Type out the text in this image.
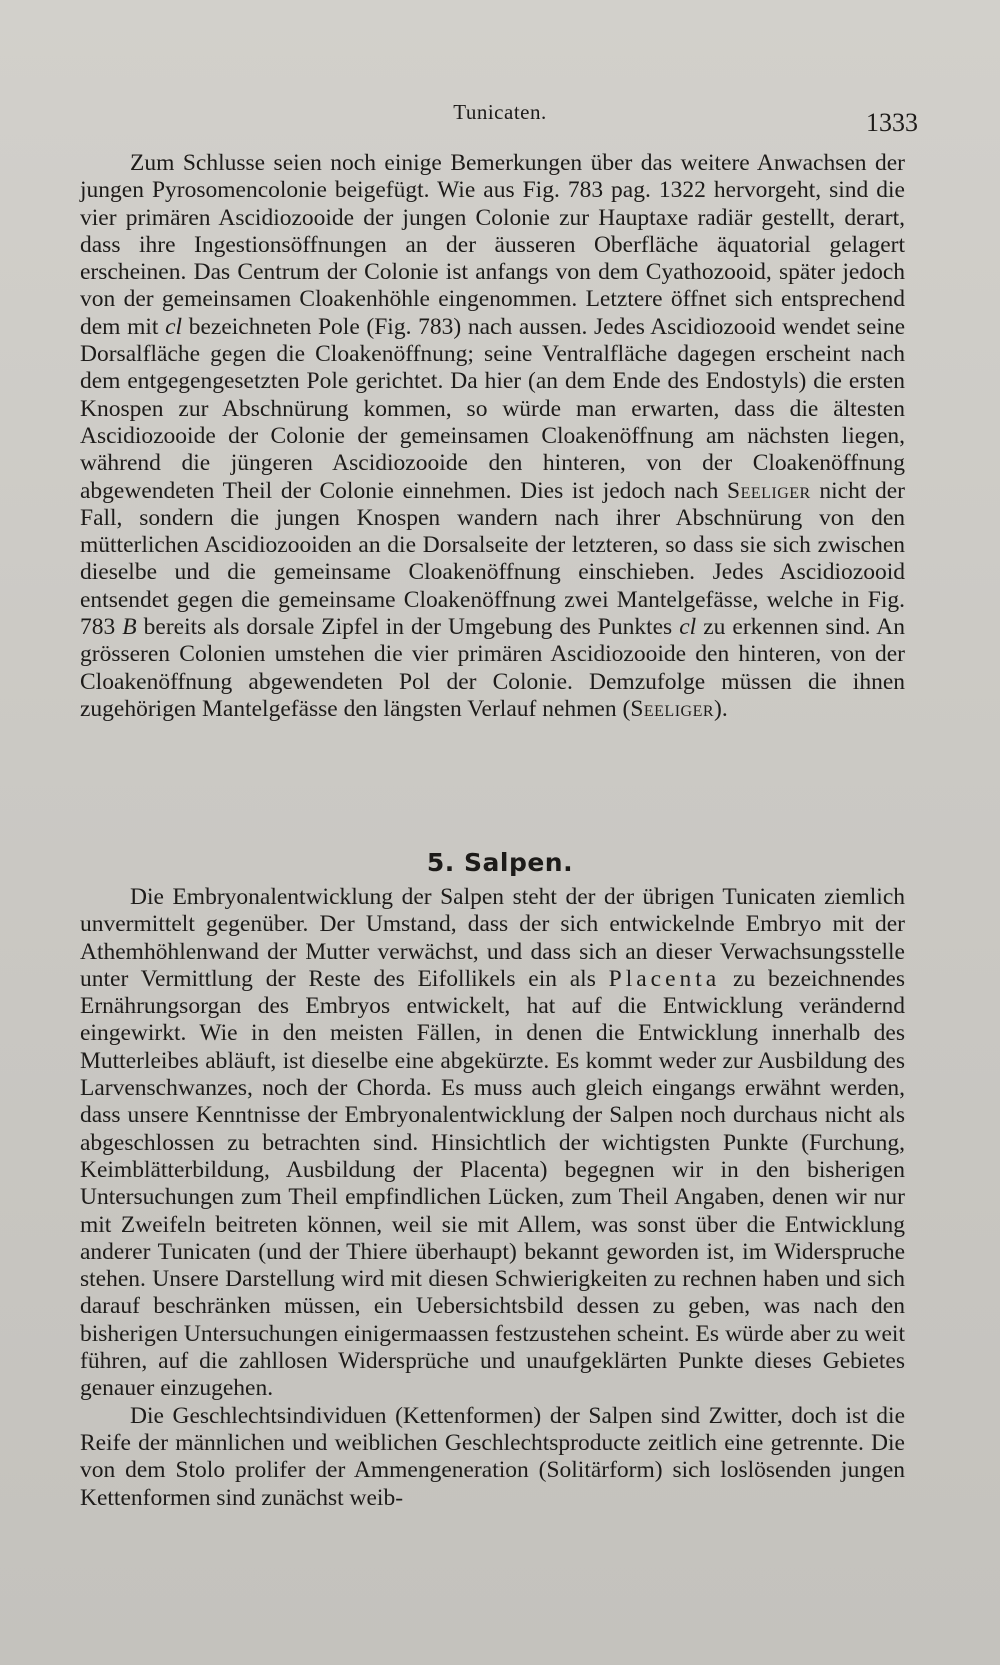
Tunicaten.	1333

Zum Schlusse seien noch einige Bemerkungen über das weitere Anwachsen der jungen Pyrosomencolonie beigefügt. Wie aus Fig. 783 pag. 1322 hervorgeht, sind die vier primären Ascidiozooide der jungen Colonie zur Hauptaxe radiär gestellt, derart, dass ihre Ingestionsöffnungen an der äusseren Oberfläche äquatorial gelagert erscheinen. Das Centrum der Colonie ist anfangs von dem Cyathozooid, später jedoch von der gemeinsamen Cloakenhöhle eingenommen. Letztere öffnet sich entsprechend dem mit cl bezeichneten Pole (Fig. 783) nach aussen. Jedes Ascidiozooid wendet seine Dorsalfläche gegen die Cloakenöffnung; seine Ventralfläche dagegen erscheint nach dem entgegengesetzten Pole gerichtet. Da hier (an dem Ende des Endostyls) die ersten Knospen zur Abschnürung kommen, so würde man erwarten, dass die ältesten Ascidiozooide der Colonie der gemeinsamen Cloakenöffnung am nächsten liegen, während die jüngeren Ascidiozooide den hinteren, von der Cloakenöffnung abgewendeten Theil der Colonie einnehmen. Dies ist jedoch nach Seeliger nicht der Fall, sondern die jungen Knospen wandern nach ihrer Abschnürung von den mütterlichen Ascidiozooiden an die Dorsalseite der letzteren, so dass sie sich zwischen dieselbe und die gemeinsame Cloakenöffnung einschieben. Jedes Ascidiozooid entsendet gegen die gemeinsame Cloakenöffnung zwei Mantelgefässe, welche in Fig. 783 B bereits als dorsale Zipfel in der Umgebung des Punktes cl zu erkennen sind. An grösseren Colonien umstehen die vier primären Ascidiozooide den hinteren, von der Cloakenöffnung abgewendeten Pol der Colonie. Demzufolge müssen die ihnen zugehörigen Mantelgefässe den längsten Verlauf nehmen (Seeliger).

5. Salpen.

Die Embryonalentwicklung der Salpen steht der der übrigen Tunicaten ziemlich unvermittelt gegenüber. Der Umstand, dass der sich entwickelnde Embryo mit der Athemhöhlenwand der Mutter verwächst, und dass sich an dieser Verwachsungsstelle unter Vermittlung der Reste des Eifollikels ein als Placenta zu bezeichnendes Ernährungsorgan des Embryos entwickelt, hat auf die Entwicklung verändernd eingewirkt. Wie in den meisten Fällen, in denen die Entwicklung innerhalb des Mutterleibes abläuft, ist dieselbe eine abgekürzte. Es kommt weder zur Ausbildung des Larvenschwanzes, noch der Chorda. Es muss auch gleich eingangs erwähnt werden, dass unsere Kenntnisse der Embryonalentwicklung der Salpen noch durchaus nicht als abgeschlossen zu betrachten sind. Hinsichtlich der wichtigsten Punkte (Furchung, Keimblätterbildung, Ausbildung der Placenta) begegnen wir in den bisherigen Untersuchungen zum Theil empfindlichen Lücken, zum Theil Angaben, denen wir nur mit Zweifeln beitreten können, weil sie mit Allem, was sonst über die Entwicklung anderer Tunicaten (und der Thiere überhaupt) bekannt geworden ist, im Widerspruche stehen. Unsere Darstellung wird mit diesen Schwierigkeiten zu rechnen haben und sich darauf beschränken müssen, ein Uebersichtsbild dessen zu geben, was nach den bisherigen Untersuchungen einigermaassen festzustehen scheint. Es würde aber zu weit führen, auf die zahllosen Widersprüche und unaufgeklärten Punkte dieses Gebietes genauer einzugehen.

Die Geschlechtsindividuen (Kettenformen) der Salpen sind Zwitter, doch ist die Reife der männlichen und weiblichen Geschlechtsproducte zeitlich eine getrennte. Die von dem Stolo prolifer der Ammengeneration (Solitärform) sich loslösenden jungen Kettenformen sind zunächst weib-
